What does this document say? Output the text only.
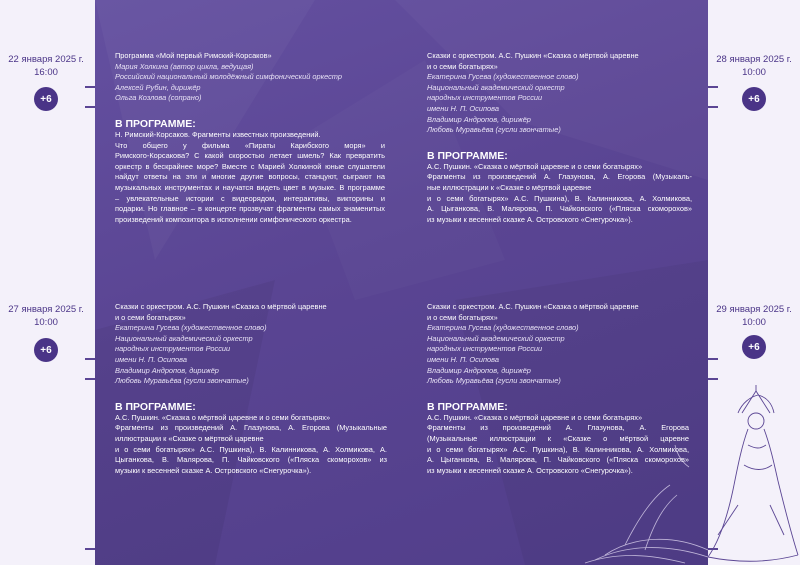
22 января 2025 г.
16:00
+6
27 января 2025 г.
10:00
+6
Программа «Мой первый Римский-Корсаков»
Мария Холкина (автор цикла, ведущая)
Российский национальный молодёжный симфонический оркестр
Алексей Рубин, дирижёр
Ольга Козлова (сопрано)
В ПРОГРАММЕ:
Н. Римский-Корсаков. Фрагменты известных произведений.
Что общего у фильма «Пираты Карибского моря» и
Римского-Корсакова? С какой скоростью летает шмель? Как превратить
оркестр в бескрайнее море? Вместе с Марией Холкиной юные слушатели
найдут ответы на эти и многие другие вопросы, станцуют, сыграют на
музыкальных инструментах и научатся видеть цвет в музыке. В программе
– увлекательные истории с видеорядом, интерактивы, викторины и
подарки. Но главное – в концерте прозвучат фрагменты самых знаменитых
произведений композитора в исполнении симфонического оркестра.
Сказки с оркестром. А.С. Пушкин «Сказка о мёртвой царевне
и о семи богатырях»
Екатерина Гусева (художественное слово)
Национальный академический оркестр
народных инструментов России
имени Н. П. Осипова
Владимир Андропов, дирижёр
Любовь Муравьёва (гусли звончатые)
В ПРОГРАММЕ:
А.С. Пушкин. «Сказка о мёртвой царевне и о семи богатырях»
Фрагменты из произведений А. Глазунова, А. Егорова (Музыкаль-
ные иллюстрации к «Сказке о мёртвой царевне
и о семи богатырях» А.С. Пушкина), В. Калинникова, А. Холмикова,
А. Цыганкова, В. Малярова, П. Чайковского («Пляска скоморохов»
из музыки к весенней сказке А. Островского «Снегурочка»).
Сказки с оркестром. А.С. Пушкин «Сказка о мёртвой царевне
и о семи богатырях»
Екатерина Гусева (художественное слово)
Национальный академический оркестр
народных инструментов России
имени Н. П. Осипова
Владимир Андропов, дирижёр
Любовь Муравьёва (гусли звончатые)
В ПРОГРАММЕ:
А.С. Пушкин. «Сказка о мёртвой царевне и о семи богатырях»
Фрагменты из произведений А. Глазунова, А. Егорова (Музыкальные
иллюстрации к «Сказке о мёртвой царевне
и о семи богатырях» А.С. Пушкина), В. Калинникова, А. Холмикова, А.
Цыганкова, В. Малярова, П. Чайковского («Пляска скоморохов» из
музыки к весенней сказке А. Островского «Снегурочка»).
Сказки с оркестром. А.С. Пушкин «Сказка о мёртвой царевне
и о семи богатырях»
Екатерина Гусева (художественное слово)
Национальный академический оркестр
народных инструментов России
имени Н. П. Осипова
Владимир Андропов, дирижёр
Любовь Муравьёва (гусли звончатые)
В ПРОГРАММЕ:
А.С. Пушкин. «Сказка о мёртвой царевне и о семи богатырях»
Фрагменты из произведений А. Глазунова, А. Егорова
(Музыкальные иллюстрации к «Сказке о мёртвой царевне
и о семи богатырях» А.С. Пушкина), В. Калинникова, А. Холмикова,
А. Цыганкова, В. Малярова, П. Чайковского («Пляска скоморохов»
из музыки к весенней сказке А. Островского «Снегурочка»).
28 января 2025 г.
10:00
+6
29 января 2025 г.
10:00
+6
